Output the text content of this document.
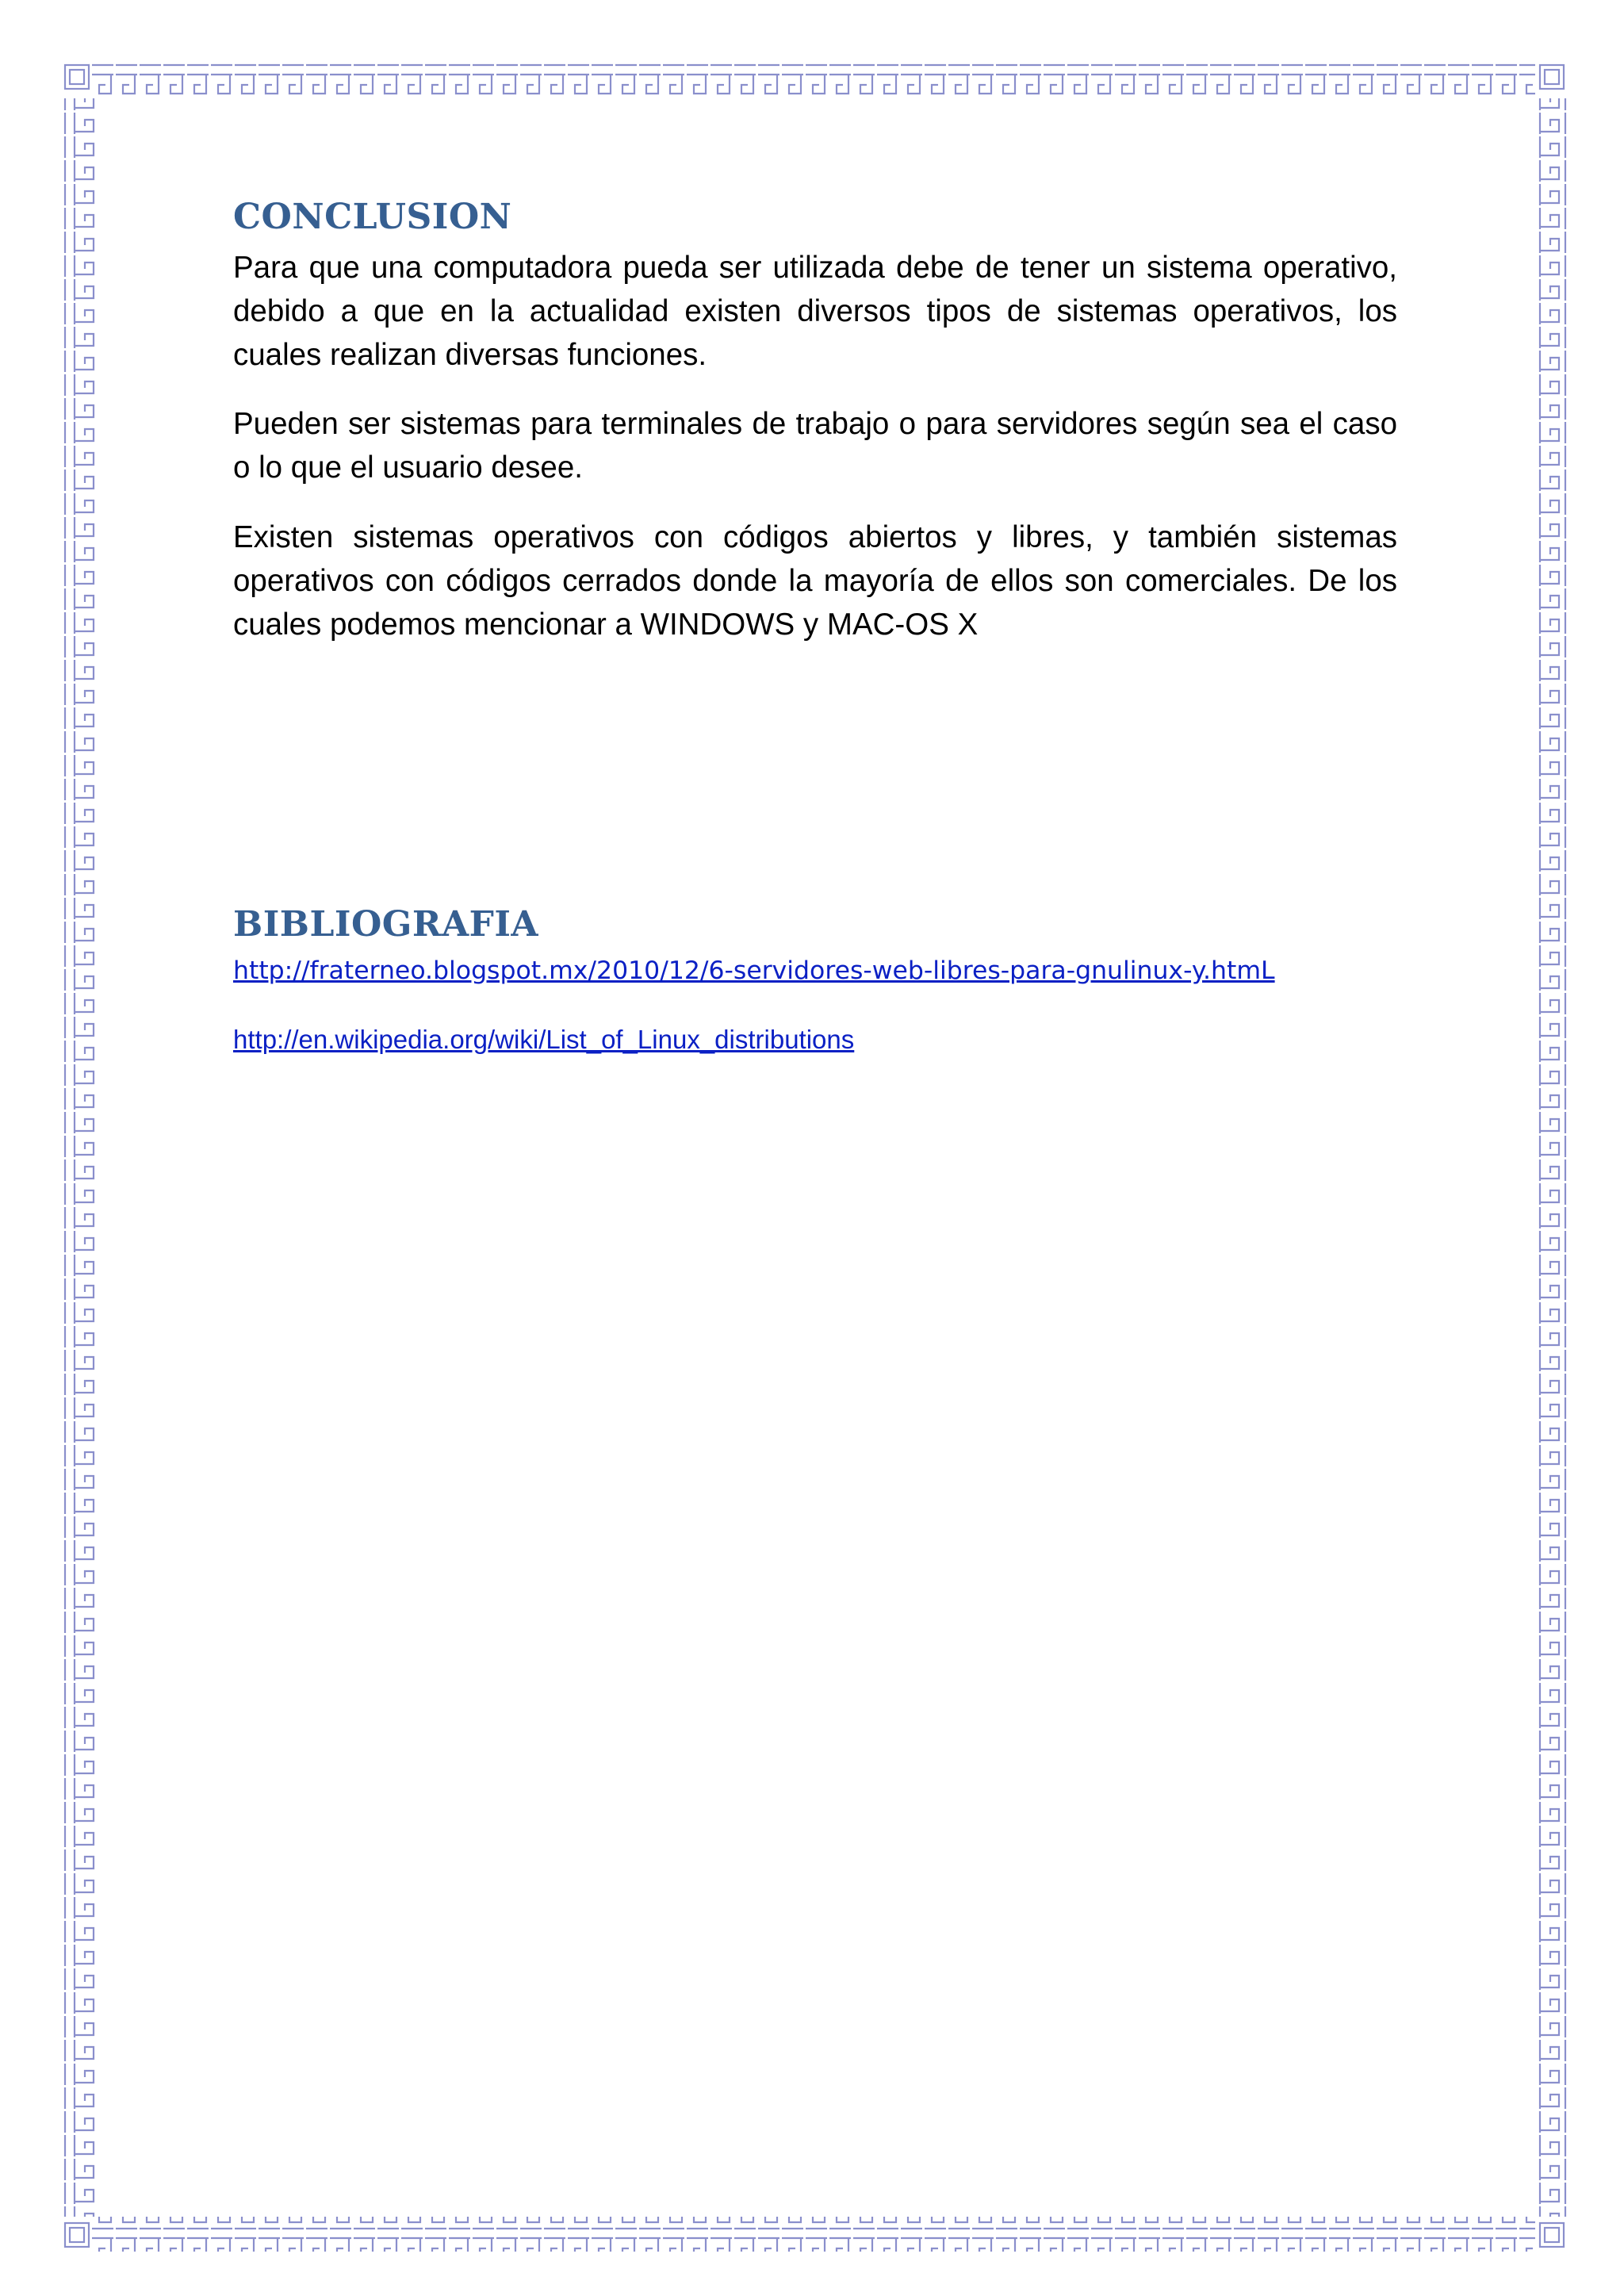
CONCLUSION

Para que una computadora pueda ser utilizada debe de tener un sistema operativo, debido a que en la actualidad existen diversos tipos de sistemas operativos, los cuales realizan diversas funciones.

Pueden ser sistemas para terminales de trabajo o para servidores según sea el caso o lo que el usuario desee.

Existen sistemas operativos con códigos abiertos y libres, y también sistemas operativos con códigos cerrados donde la mayoría de ellos son comerciales. De los cuales podemos mencionar a WINDOWS y MAC-OS X

BIBLIOGRAFIA
http://fraterneo.blogspot.mx/2010/12/6-servidores-web-libres-para-gnulinux-y.htmL
http://en.wikipedia.org/wiki/List_of_Linux_distributions
